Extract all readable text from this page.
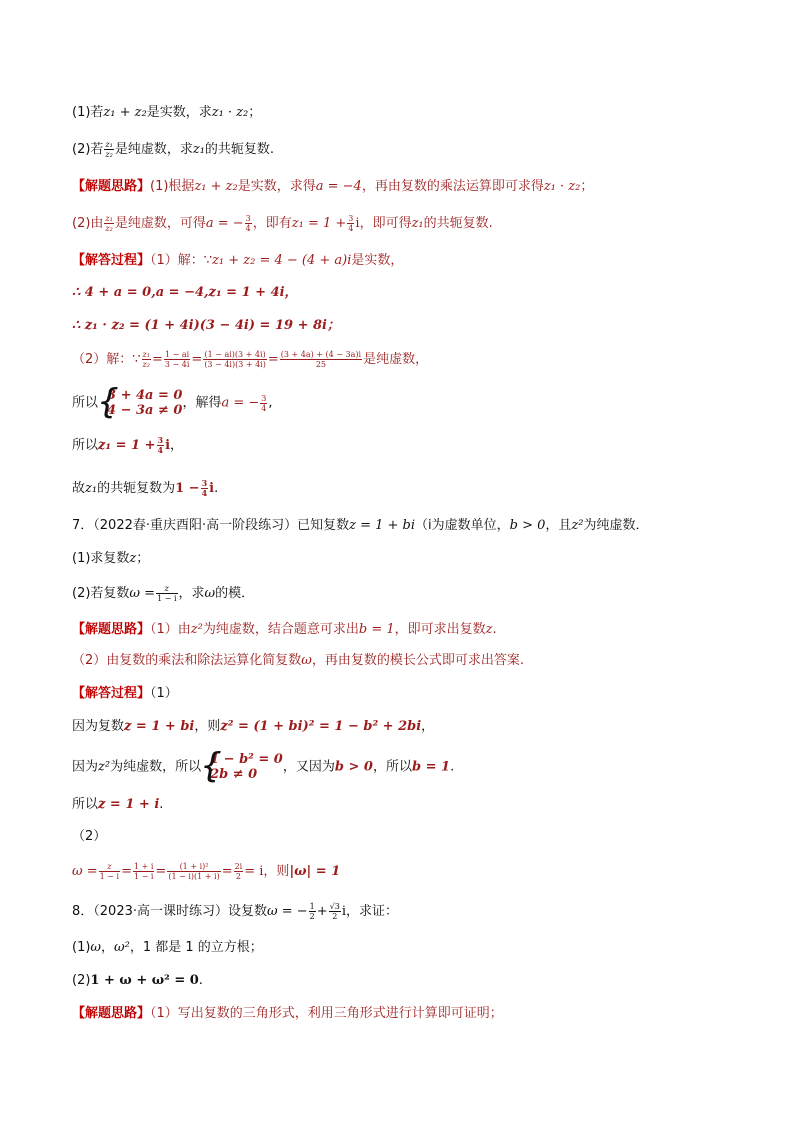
(1)若z₁ + z₂是实数，求z₁ · z₂；
(2)若 $\frac{\text{z₁}}{\text{z₂}}$ 是纯虚数，求z₁的共轭复数.
【解题思路】(1)根据z₁ + z₂是实数，求得a = −4，再由复数的乘法运算即可求得z₁ · z₂；
(2)由 $\frac{\text{z₁}}{\text{z₂}}$ 是纯虚数，可得a = − $\frac{3}{4}$ ，即有$z_1 = 1 + \frac{3}{4}$ i，即可得z₁的共轭复数.
【解答过程】（1）解：∵z₁ + z₂ = 4 − (4 + a)i是实数，
∴ 4 + a = 0,a = −4,z₁ = 1 + 4i，
∴ z₁ · z₂ = (1 + 4i)(3 − 4i) = 19 + 8i；
（2）解：∵ $\frac{\text{z₁}}{\text{z₂}} = \frac{1 - ai}{3 - 4i} = \frac{(1 - ai)(3 + 4i)}{(3 - 4i)(3 + 4i)} = \frac{(3 + 4a) + (4 - 3a)i}{25}$ 是纯虚数，
所以 { 3 + 4a = 0
4 − 3a ≠ 0 ，解得a = − $\frac{3}{4}$ ,
所以$z_1 = 1 + \frac{3}{4}$ i，
故z₁的共轭复数为$1 - \frac{3}{4} i$.
7．（2022春·重庆酉阳·高一阶段练习）已知复数z = 1 + bi（i为虚数单位，b > 0，且z²为纯虚数．
(1)求复数z；
(2)若复数$\omega = \frac{z}{1 - i}$ ，求ω的模．
【解题思路】（1）由z²为纯虚数，结合题意可求出b = 1，即可求出复数z.
（2）由复数的乘法和除法运算化简复数ω，再由复数的模长公式即可求出答案.
【解答过程】（1）
因为复数z = 1 + bi，则z² = (1 + bi)² = 1 − b² + 2bi，
因为z²为纯虚数，所以 { 1 − b² = 0
2b ≠ 0	，又因为b > 0，所以b = 1.
所以z = 1 + i.
（2）
$\omega = \frac{z}{1 - i} = \frac{1 + i}{1 - i} = \frac{\text{(1 + i)²}}{(1 - i)(1 + i)} = \frac{2i}{2} = i$，则|ω| = 1
8．（2023·高一课时练习）设复数ω = − $\frac{1}{2} + \frac{√3}{2}$ i，求证：
(1)ω，ω²，1 都是 1 的立方根；
(2)1 + ω + ω² = 0.
【解题思路】（1）写出复数的三角形式，利用三角形式进行计算即可证明；
